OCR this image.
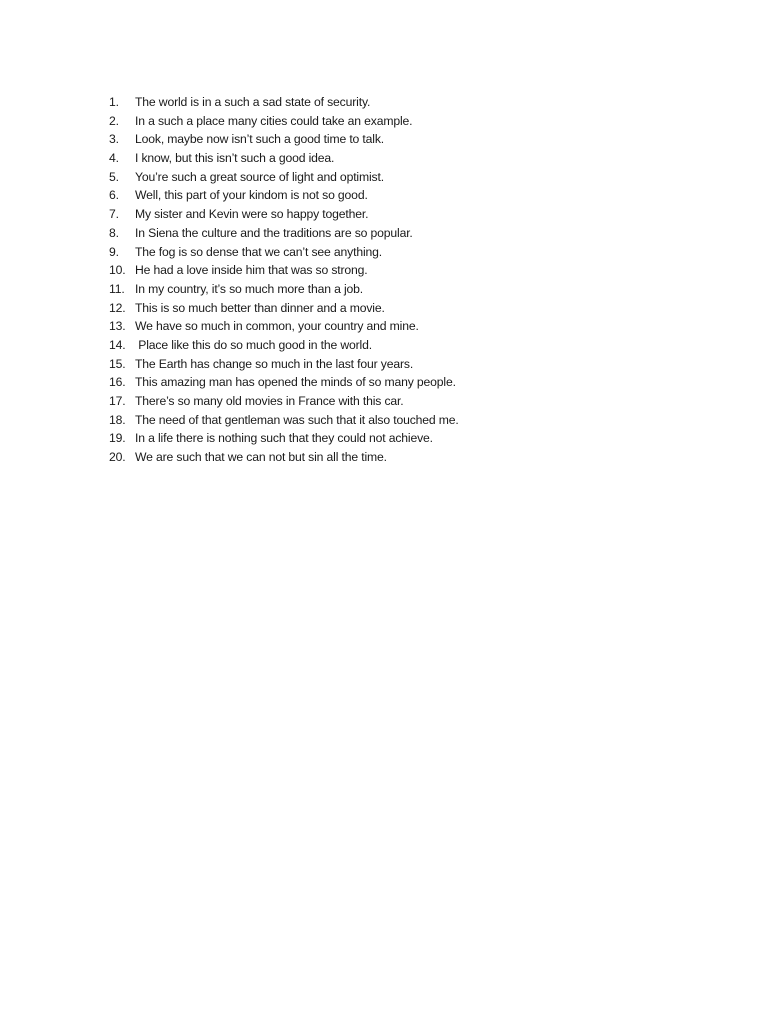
1.	The world is in a such a sad state of security.
2.	In a such a place many cities could take an example.
3.	Look, maybe now isn’t such a good time to talk.
4.	I know, but this isn’t such a good idea.
5.	You’re such a great source of light and optimist.
6.	Well, this part of your kindom is not so good.
7.	My sister and Kevin were so happy together.
8.	In Siena the culture and the traditions are so popular.
9.	The fog is so dense that we can’t see anything.
10. He had a love inside him that was so strong.
11. In my country, it’s so much more than a job.
12. This is so much better than dinner and a movie.
13. We have so much in common, your country and mine.
14. Place like this do so much good in the world.
15. The Earth has change so much in the last four years.
16. This amazing man has opened the minds of so many people.
17. There’s so many old movies in France with this car.
18. The need of that gentleman was such that it also touched me.
19. In a life there is nothing such that they could not achieve.
20. We are such that we can not but sin all the time.
